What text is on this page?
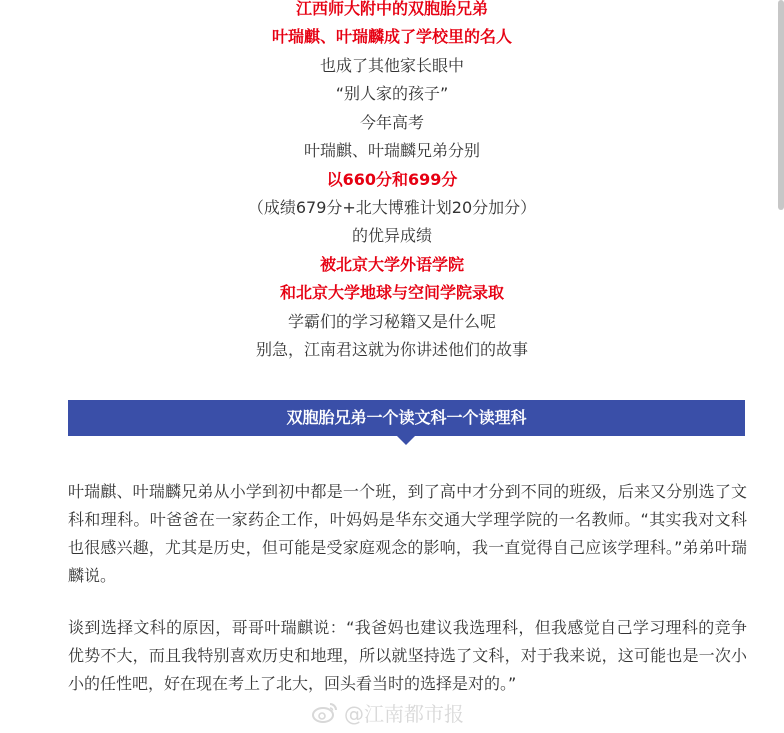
江西师大附中的双胞胎兄弟
叶瑞麒、叶瑞麟成了学校里的名人
也成了其他家长眼中
“别人家的孩子”
今年高考
叶瑞麒、叶瑞麟兄弟分别
以660分和699分
（成绩679分+北大博雅计划20分加分）
的优异成绩
被北京大学外语学院
和北京大学地球与空间学院录取
学霸们的学习秘籍又是什么呢
别急，江南君这就为你讲述他们的故事
双胞胎兄弟一个读文科一个读理科

叶瑞麒、叶瑞麟兄弟从小学到初中都是一个班，到了高中才分到不同的班级，后来又分别选了文科和理科。叶爸爸在一家药企工作，叶妈妈是华东交通大学理学院的一名教师。“其实我对文科也很感兴趣，尤其是历史，但可能是受家庭观念的影响，我一直觉得自己应该学理科。”弟弟叶瑞麟说。

谈到选择文科的原因，哥哥叶瑞麒说：“我爸妈也建议我选理科，但我感觉自己学习理科的竞争优势不大，而且我特别喜欢历史和地理，所以就坚持选了文科，对于我来说，这可能也是一次小小的任性吧，好在现在考上了北大，回头看当时的选择是对的。”

@江南都市报
